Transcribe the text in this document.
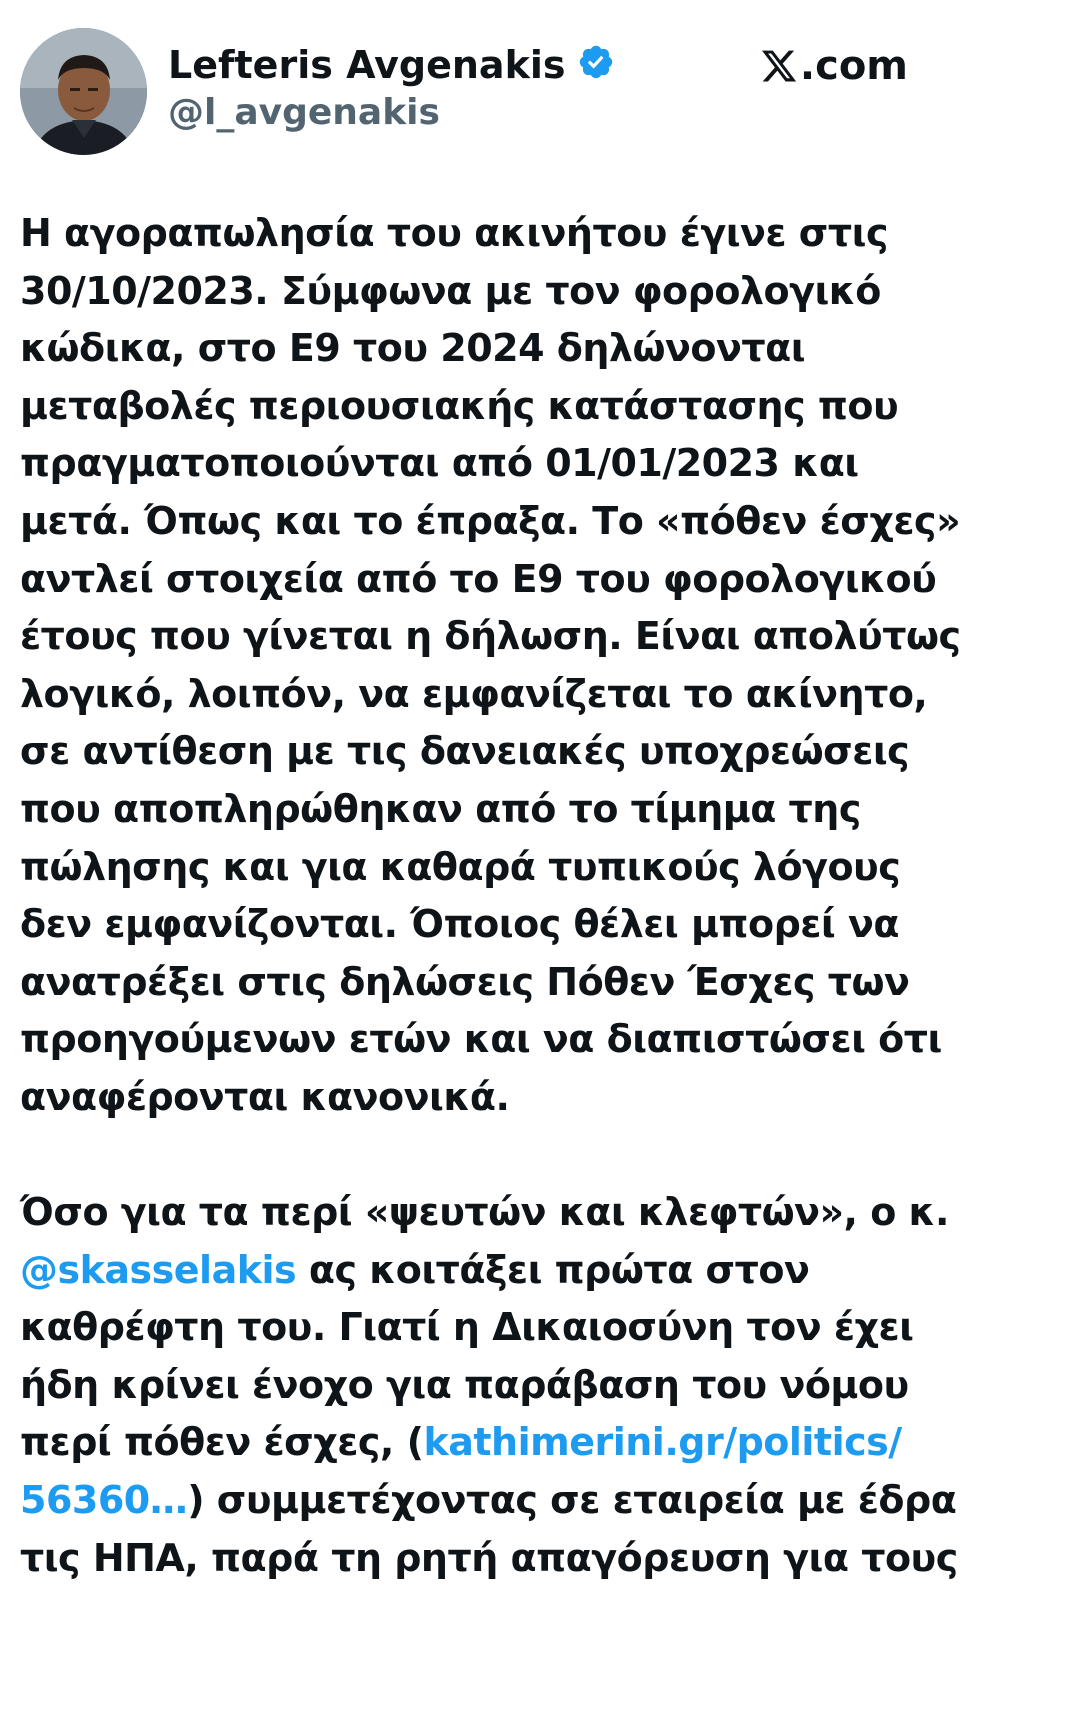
Lefteris Avgenakis
@l_avgenakis
.com

Η αγοραπωλησία του ακινήτου έγινε στις
30/10/2023. Σύμφωνα με τον φορολογικό
κώδικα, στο Ε9 του 2024 δηλώνονται
μεταβολές περιουσιακής κατάστασης που
πραγματοποιούνται από 01/01/2023 και
μετά. Όπως και το έπραξα. Το «πόθεν έσχες»
αντλεί στοιχεία από το Ε9 του φορολογικού
έτους που γίνεται η δήλωση. Είναι απολύτως
λογικό, λοιπόν, να εμφανίζεται το ακίνητο,
σε αντίθεση με τις δανειακές υποχρεώσεις
που αποπληρώθηκαν από το τίμημα της
πώλησης και για καθαρά τυπικούς λόγους
δεν εμφανίζονται. Όποιος θέλει μπορεί να
ανατρέξει στις δηλώσεις Πόθεν Έσχες των
προηγούμενων ετών και να διαπιστώσει ότι
αναφέρονται κανονικά.

Όσο για τα περί «ψευτών και κλεφτών», ο κ.
@skasselakis ας κοιτάξει πρώτα στον
καθρέφτη του. Γιατί η Δικαιοσύνη τον έχει
ήδη κρίνει ένοχο για παράβαση του νόμου
περί πόθεν έσχες, (kathimerini.gr/politics/
56360…) συμμετέχοντας σε εταιρεία με έδρα
τις ΗΠΑ, παρά τη ρητή απαγόρευση για τους
